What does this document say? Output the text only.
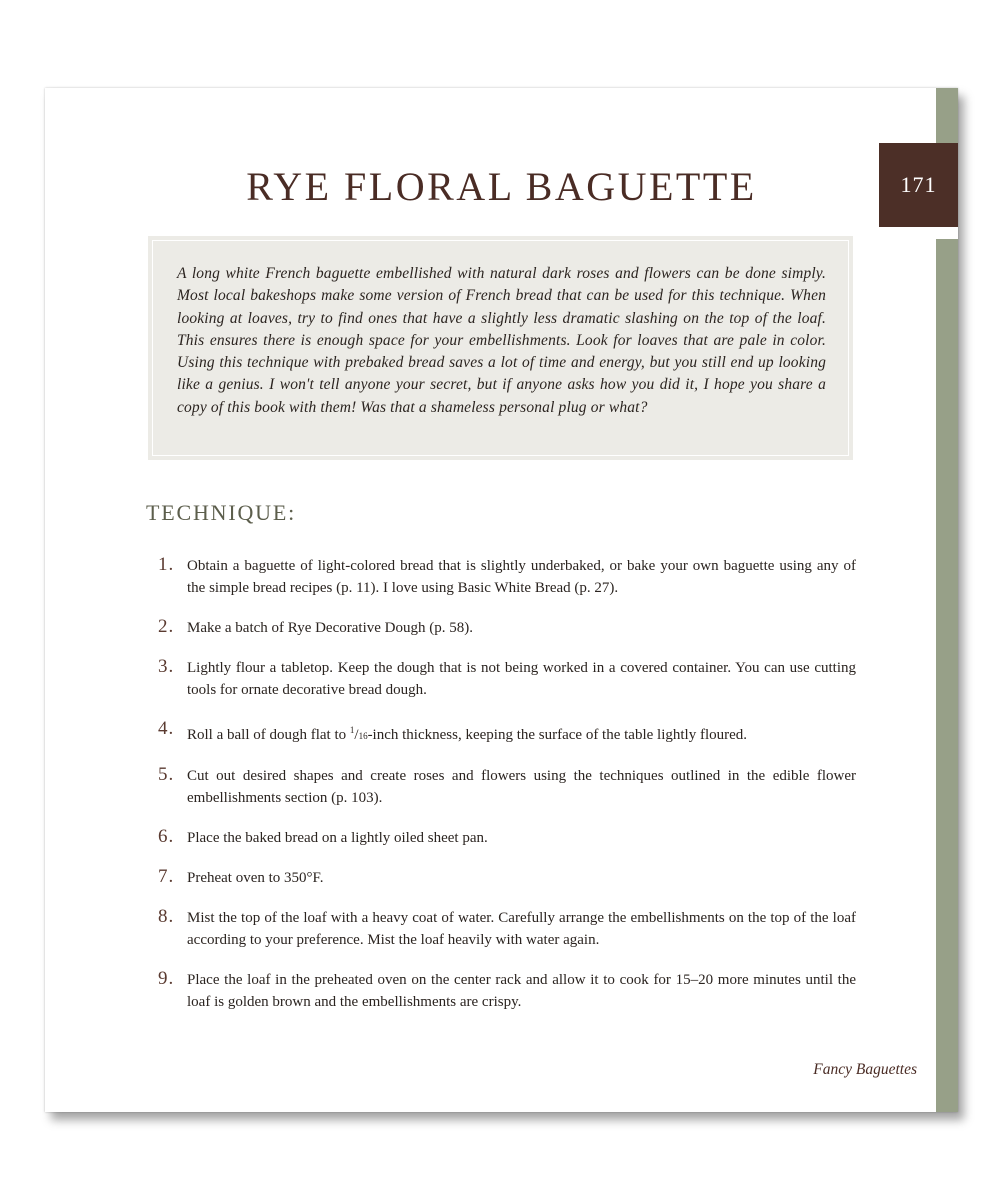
171
RYE FLORAL BAGUETTE

A long white French baguette embellished with natural dark roses and flowers can be done simply. Most local bakeshops make some version of French bread that can be used for this technique. When looking at loaves, try to find ones that have a slightly less dramatic slashing on the top of the loaf. This ensures there is enough space for your embellishments. Look for loaves that are pale in color. Using this technique with prebaked bread saves a lot of time and energy, but you still end up looking like a genius. I won't tell anyone your secret, but if anyone asks how you did it, I hope you share a copy of this book with them! Was that a shameless personal plug or what?

TECHNIQUE:
1. Obtain a baguette of light-colored bread that is slightly underbaked, or bake your own baguette using any of the simple bread recipes (p. 11). I love using Basic White Bread (p. 27).
2. Make a batch of Rye Decorative Dough (p. 58).
3. Lightly flour a tabletop. Keep the dough that is not being worked in a covered container. You can use cutting tools for ornate decorative bread dough.
4. Roll a ball of dough flat to $^1$/16-inch thickness, keeping the surface of the table lightly floured.
5. Cut out desired shapes and create roses and flowers using the techniques outlined in the edible flower embellishments section (p. 103).
6. Place the baked bread on a lightly oiled sheet pan.
7. Preheat oven to 350°F.
8. Mist the top of the loaf with a heavy coat of water. Carefully arrange the embellishments on the top of the loaf according to your preference. Mist the loaf heavily with water again.
9. Place the loaf in the preheated oven on the center rack and allow it to cook for 15–20 more minutes until the loaf is golden brown and the embellishments are crispy.

Fancy Baguettes
